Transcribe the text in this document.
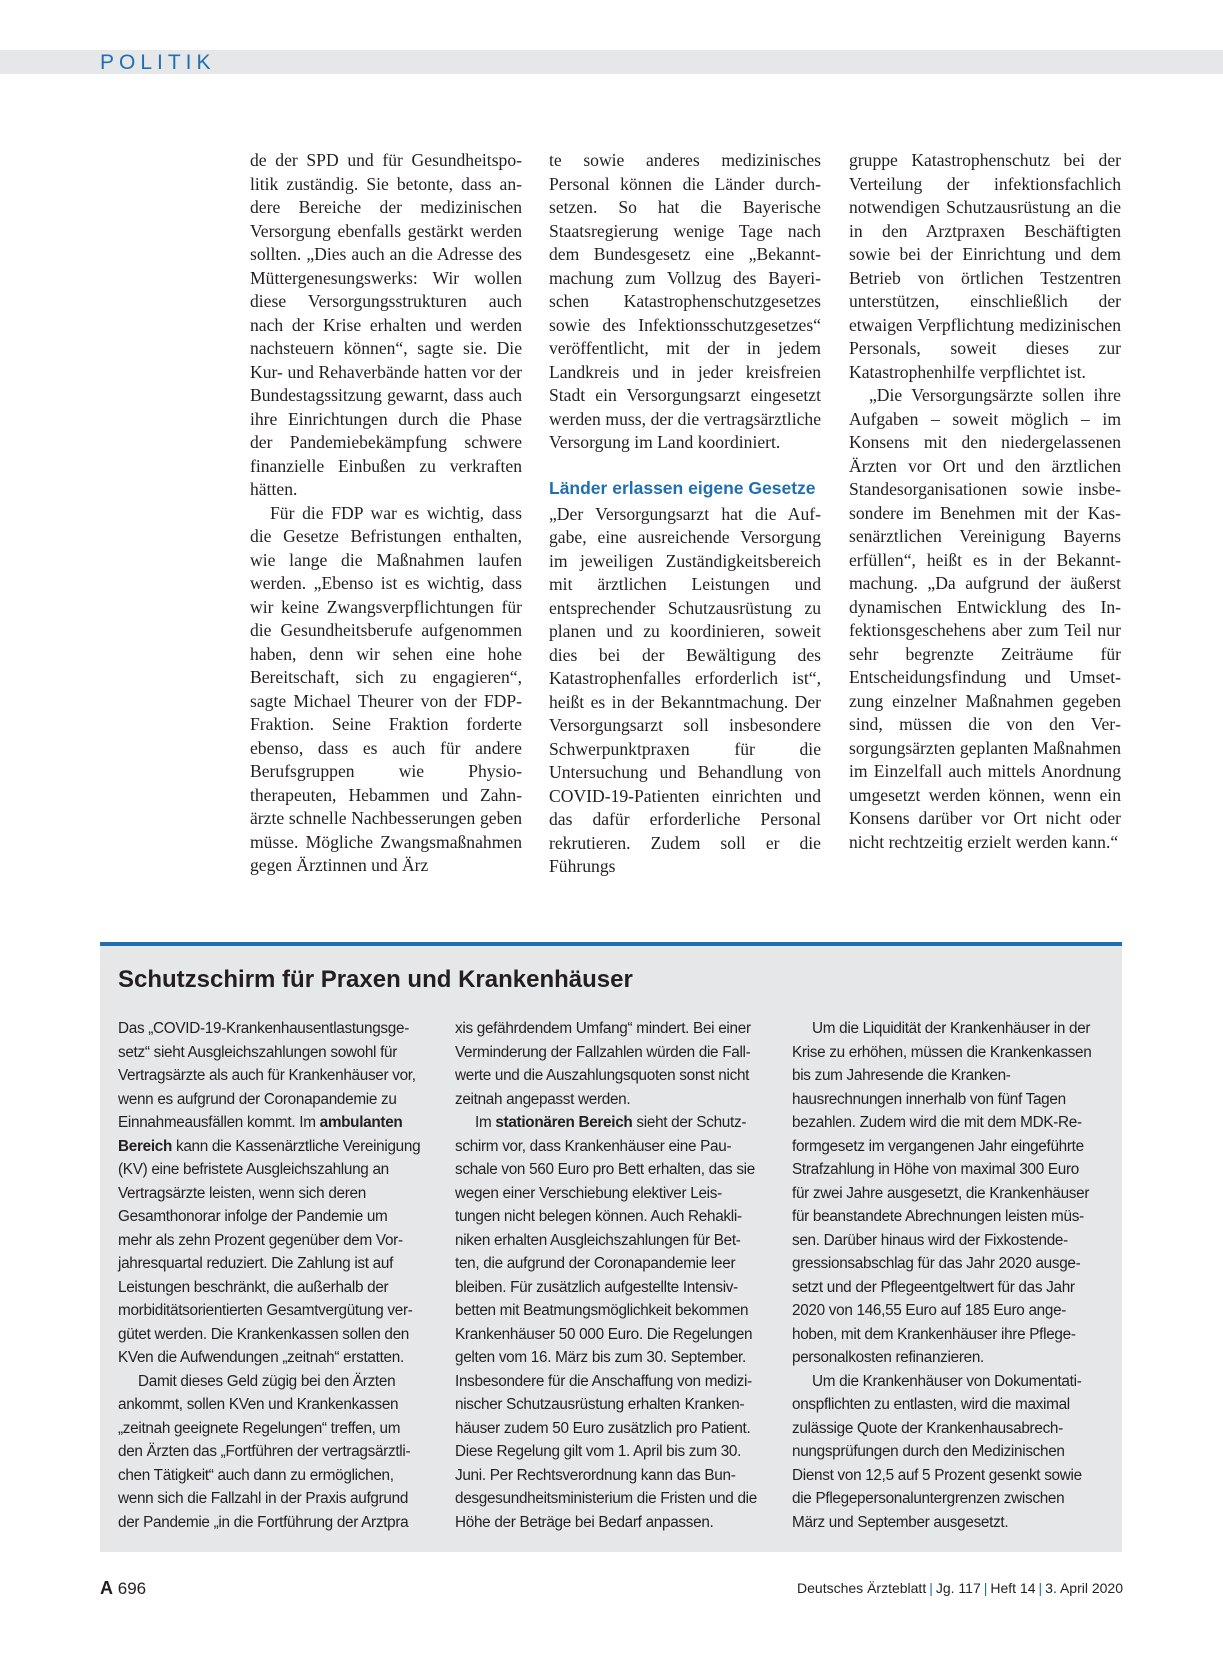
POLITIK

de der SPD und für Gesundheitspolitik zuständig. Sie betonte, dass andere Bereiche der medizinischen Versorgung ebenfalls gestärkt werden sollten. „Dies auch an die Adresse des Müttergenesungswerks: Wir wollen diese Versorgungsstrukturen auch nach der Krise erhalten und werden nachsteuern können“, sagte sie. Die Kur- und Rehaverbände hatten vor der Bundestagssitzung gewarnt, dass auch ihre Einrichtungen durch die Phase der Pandemiebekämpfung schwere finanzielle Einbußen zu verkraften hätten.

Für die FDP war es wichtig, dass die Gesetze Befristungen enthalten, wie lange die Maßnahmen laufen werden. „Ebenso ist es wichtig, dass wir keine Zwangsverpflichtungen für die Gesundheitsberufe aufgenommen haben, denn wir sehen eine hohe Bereitschaft, sich zu engagieren“, sagte Michael Theurer von der FDP-Fraktion. Seine Fraktion forderte ebenso, dass es auch für andere Berufsgruppen wie Physiotherapeuten, Hebammen und Zahnärzte schnelle Nachbesserungen geben müsse. Mögliche Zwangsmaßnahmen gegen Ärztinnen und Ärz

te sowie anderes medizinisches Personal können die Länder durchsetzen. So hat die Bayerische Staatsregierung wenige Tage nach dem Bundesgesetz eine „Bekanntmachung zum Vollzug des Bayerischen Katastrophenschutzgesetzes sowie des Infektionsschutzgesetzes“ veröffentlicht, mit der in jedem Landkreis und in jeder kreisfreien Stadt ein Versorgungsarzt eingesetzt werden muss, der die vertragsärztliche Versorgung im Land koordiniert.

Länder erlassen eigene Gesetze

„Der Versorgungsarzt hat die Aufgabe, eine ausreichende Versorgung im jeweiligen Zuständigkeitsbereich mit ärztlichen Leistungen und entsprechender Schutzausrüstung zu planen und zu koordinieren, soweit dies bei der Bewältigung des Katastrophenfalles erforderlich ist“, heißt es in der Bekanntmachung. Der Versorgungsarzt soll insbesondere Schwerpunktpraxen für die Untersuchung und Behandlung von COVID-19-Patienten einrichten und das dafür erforderliche Personal rekrutieren. Zudem soll er die Führungs

gruppe Katastrophenschutz bei der Verteilung der infektionsfachlich notwendigen Schutzausrüstung an die in den Arztpraxen Beschäftigten sowie bei der Einrichtung und dem Betrieb von örtlichen Testzentren unterstützen, einschließlich der etwaigen Verpflichtung medizinischen Personals, soweit dieses zur Katastrophenhilfe verpflichtet ist.

„Die Versorgungsärzte sollen ihre Aufgaben – soweit möglich – im Konsens mit den niedergelassenen Ärzten vor Ort und den ärztlichen Standesorganisationen sowie insbesondere im Benehmen mit der Kassenärztlichen Vereinigung Bayerns erfüllen“, heißt es in der Bekanntmachung. „Da aufgrund der äußerst dynamischen Entwicklung des Infektionsgeschehens aber zum Teil nur sehr begrenzte Zeiträume für Entscheidungsfindung und Umsetzung einzelner Maßnahmen gegeben sind, müssen die von den Versorgungsärzten geplanten Maßnahmen im Einzelfall auch mittels Anordnung umgesetzt werden können, wenn ein Konsens darüber vor Ort nicht oder nicht rechtzeitig erzielt werden kann.“

Schutzschirm für Praxen und Krankenhäuser

Das „COVID-19-Krankenhausentlastungsgesetz“ sieht Ausgleichszahlungen sowohl für Vertragsärzte als auch für Krankenhäuser vor, wenn es aufgrund der Coronapandemie zu Einnahmeausfällen kommt. Im ambulanten Bereich kann die Kassenärztliche Vereinigung (KV) eine befristete Ausgleichszahlung an Vertragsärzte leisten, wenn sich deren Gesamthonorar infolge der Pandemie um mehr als zehn Prozent gegenüber dem Vorjahresquartal reduziert. Die Zahlung ist auf Leistungen beschränkt, die außerhalb der morbiditätsorientierten Gesamtvergütung vergütet werden. Die Krankenkassen sollen den KVen die Aufwendungen „zeitnah“ erstatten.

Damit dieses Geld zügig bei den Ärzten ankommt, sollen KVen und Krankenkassen „zeitnah geeignete Regelungen“ treffen, um den Ärzten das „Fortführen der vertragsärztlichen Tätigkeit“ auch dann zu ermöglichen, wenn sich die Fallzahl in der Praxis aufgrund der Pandemie „in die Fortführung der Arztpra

xis gefährdendem Umfang“ mindert. Bei einer Verminderung der Fallzahlen würden die Fallwerte und die Auszahlungsquoten sonst nicht zeitnah angepasst werden.

Im stationären Bereich sieht der Schutzschirm vor, dass Krankenhäuser eine Pauschale von 560 Euro pro Bett erhalten, das sie wegen einer Verschiebung elektiver Leistungen nicht belegen können. Auch Rehakliniken erhalten Ausgleichszahlungen für Betten, die aufgrund der Coronapandemie leer bleiben. Für zusätzlich aufgestellte Intensivbetten mit Beatmungsmöglichkeit bekommen Krankenhäuser 50 000 Euro. Die Regelungen gelten vom 16. März bis zum 30. September. Insbesondere für die Anschaffung von medizinischer Schutzausrüstung erhalten Krankenhäuser zudem 50 Euro zusätzlich pro Patient. Diese Regelung gilt vom 1. April bis zum 30. Juni. Per Rechtsverordnung kann das Bundesgesundheitsministerium die Fristen und die Höhe der Beträge bei Bedarf anpassen.

Um die Liquidität der Krankenhäuser in der Krise zu erhöhen, müssen die Krankenkassen bis zum Jahresende die Krankenhausrechnungen innerhalb von fünf Tagen bezahlen. Zudem wird die mit dem MDK-Reformgesetz im vergangenen Jahr eingeführte Strafzahlung in Höhe von maximal 300 Euro für zwei Jahre ausgesetzt, die Krankenhäuser für beanstandete Abrechnungen leisten müssen. Darüber hinaus wird der Fixkostendegressionsabschlag für das Jahr 2020 ausgesetzt und der Pflegeentgeltwert für das Jahr 2020 von 146,55 Euro auf 185 Euro angehoben, mit dem Krankenhäuser ihre Pflegepersonalkosten refinanzieren.

Um die Krankenhäuser von Dokumentationspflichten zu entlasten, wird die maximal zulässige Quote der Krankenhausabrechnungsprüfungen durch den Medizinischen Dienst von 12,5 auf 5 Prozent gesenkt sowie die Pflegepersonaluntergrenzen zwischen März und September ausgesetzt.

A 696	Deutsches Ärzteblatt | Jg. 117 | Heft 14 | 3. April 2020
